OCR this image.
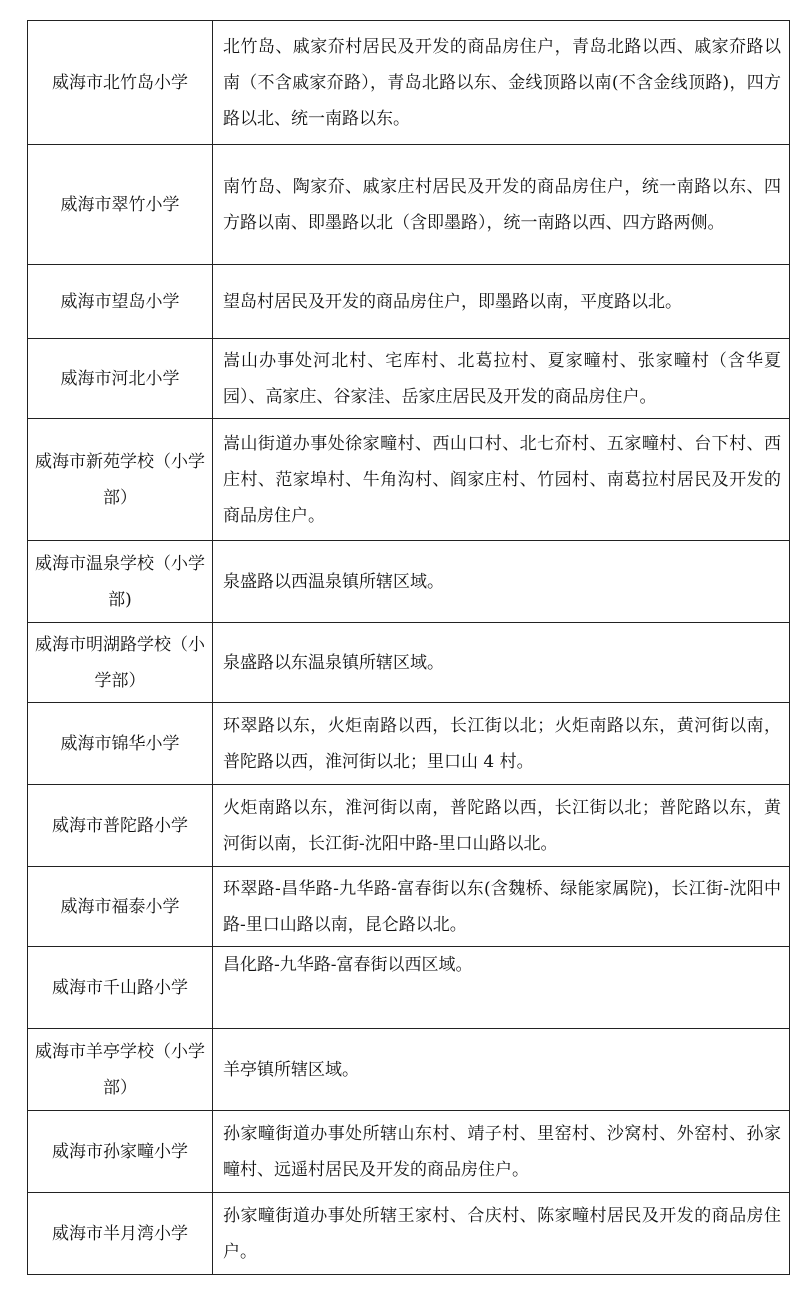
威海市北竹岛小学	北竹岛、戚家夼村居民及开发的商品房住户，青岛北路以西、戚家夼路以南（不含戚家夼路），青岛北路以东、金线顶路以南(不含金线顶路)，四方路以北、统一南路以东。
威海市翠竹小学	南竹岛、陶家夼、戚家庄村居民及开发的商品房住户，统一南路以东、四方路以南、即墨路以北（含即墨路），统一南路以西、四方路两侧。
威海市望岛小学	望岛村居民及开发的商品房住户，即墨路以南，平度路以北。
威海市河北小学	嵩山办事处河北村、宅库村、北葛拉村、夏家疃村、张家疃村（含华夏园）、高家庄、谷家洼、岳家庄居民及开发的商品房住户。
威海市新苑学校（小学部）	嵩山街道办事处徐家疃村、西山口村、北七夼村、五家疃村、台下村、西庄村、范家埠村、牛角沟村、阎家庄村、竹园村、南葛拉村居民及开发的商品房住户。
威海市温泉学校（小学部)	泉盛路以西温泉镇所辖区域。
威海市明湖路学校（小学部）	泉盛路以东温泉镇所辖区域。
威海市锦华小学	环翠路以东，火炬南路以西，长江街以北；火炬南路以东，黄河街以南，普陀路以西，淮河街以北；里口山 4 村。
威海市普陀路小学	火炬南路以东，淮河街以南，普陀路以西，长江街以北；普陀路以东，黄河街以南，长江街-沈阳中路-里口山路以北。
威海市福泰小学	环翠路-昌华路-九华路-富春街以东(含魏桥、绿能家属院)，长江街-沈阳中路-里口山路以南，昆仑路以北。
威海市千山路小学	昌化路-九华路-富春街以西区域。
威海市羊亭学校（小学部）	羊亭镇所辖区域。
威海市孙家疃小学	孙家疃街道办事处所辖山东村、靖子村、里窑村、沙窝村、外窑村、孙家疃村、远遥村居民及开发的商品房住户。
威海市半月湾小学	孙家疃街道办事处所辖王家村、合庆村、陈家疃村居民及开发的商品房住户。
